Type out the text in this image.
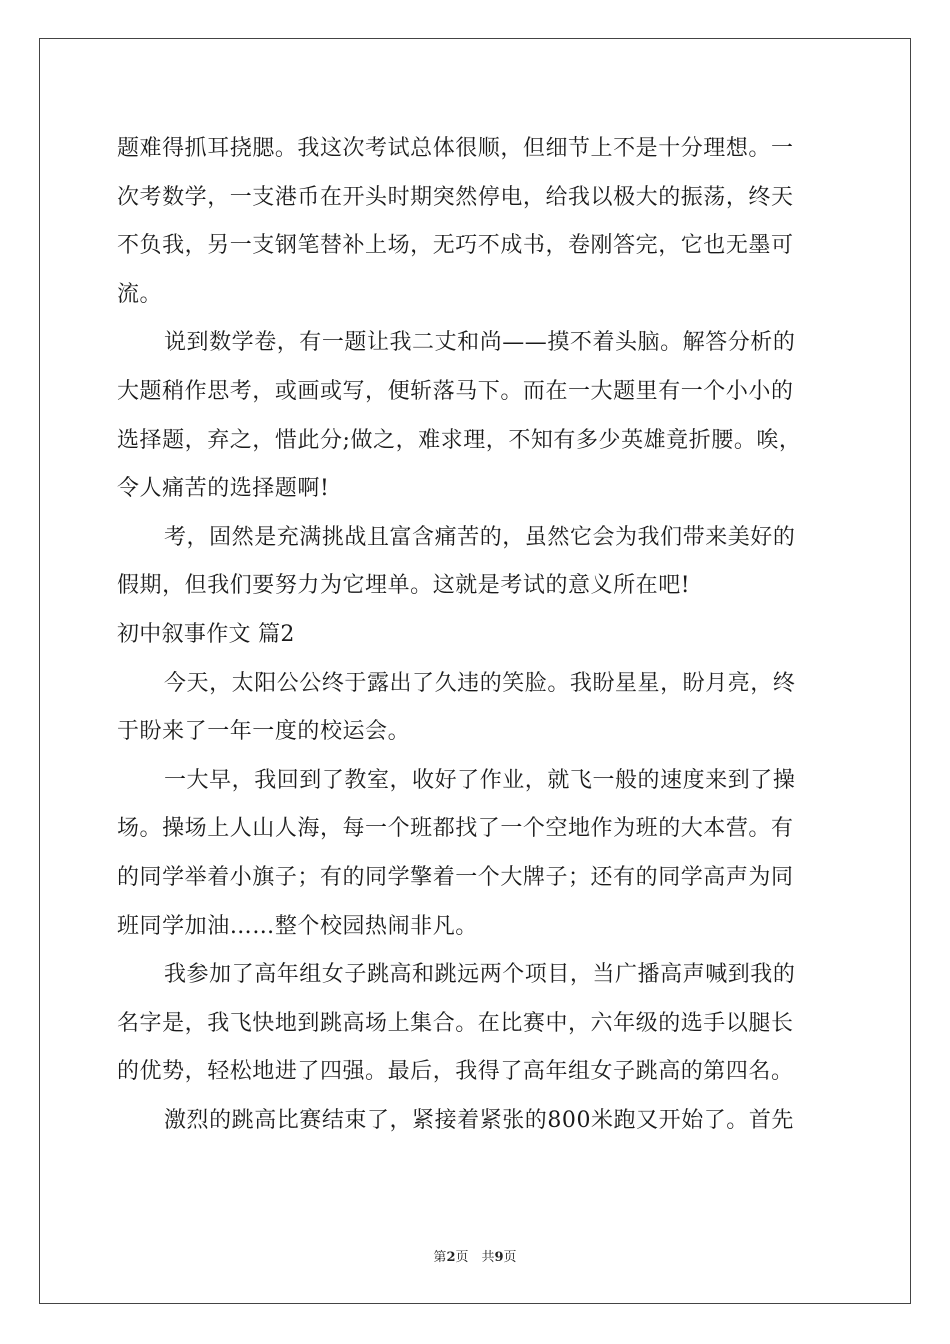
题难得抓耳挠腮。我这次考试总体很顺，但细节上不是十分理想。一
次考数学，一支港币在开头时期突然停电，给我以极大的振荡，终天
不负我，另一支钢笔替补上场，无巧不成书，卷刚答完，它也无墨可
流。
说到数学卷，有一题让我二丈和尚——摸不着头脑。解答分析的
大题稍作思考，或画或写，便斩落马下。而在一大题里有一个小小的
选择题，弃之，惜此分;做之，难求理，不知有多少英雄竟折腰。唉，
令人痛苦的选择题啊!
考，固然是充满挑战且富含痛苦的，虽然它会为我们带来美好的
假期，但我们要努力为它埋单。这就是考试的意义所在吧!
初中叙事作文 篇2
今天，太阳公公终于露出了久违的笑脸。我盼星星，盼月亮，终
于盼来了一年一度的校运会。
一大早，我回到了教室，收好了作业，就飞一般的速度来到了操
场。操场上人山人海，每一个班都找了一个空地作为班的大本营。有
的同学举着小旗子；有的同学擎着一个大牌子；还有的同学高声为同
班同学加油……整个校园热闹非凡。
我参加了高年组女子跳高和跳远两个项目，当广播高声喊到我的
名字是，我飞快地到跳高场上集合。在比赛中，六年级的选手以腿长
的优势，轻松地进了四强。最后，我得了高年组女子跳高的第四名。
激烈的跳高比赛结束了，紧接着紧张的800米跑又开始了。首先
第2页　共9页
